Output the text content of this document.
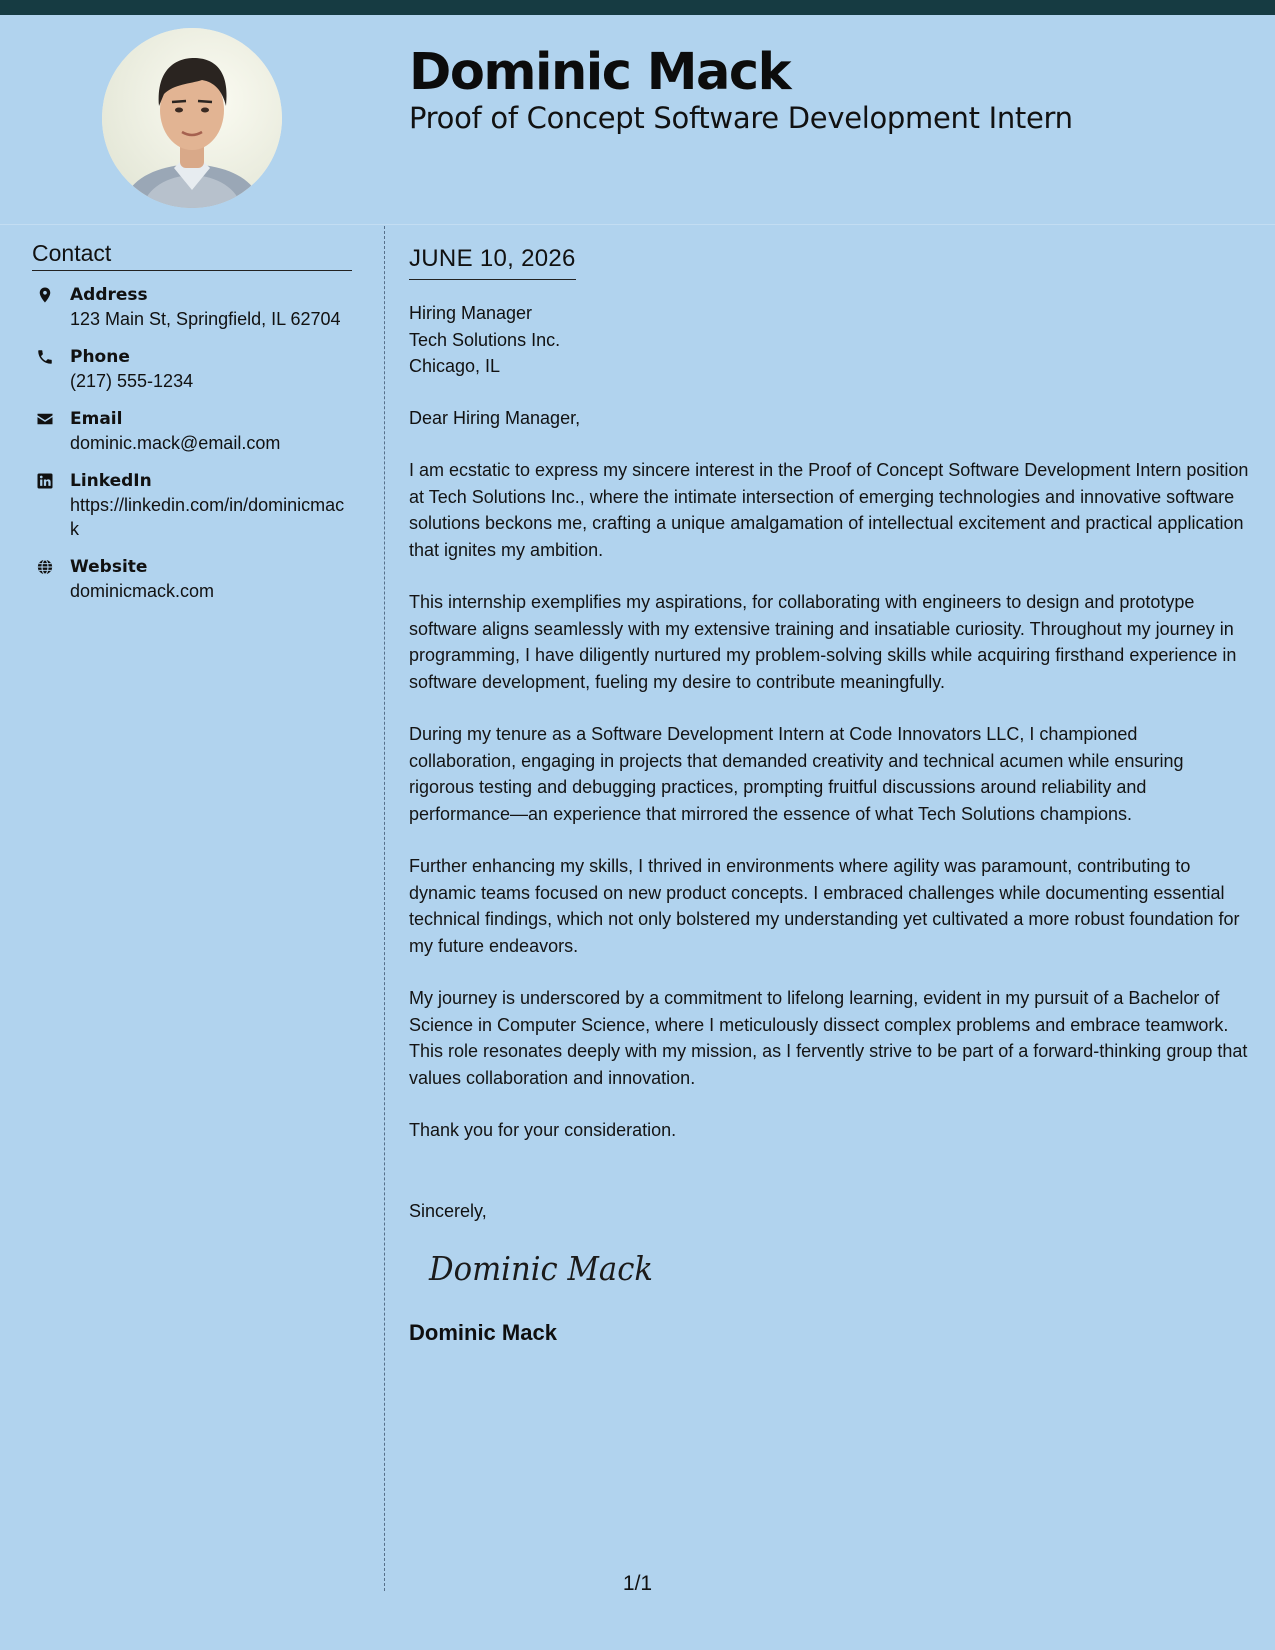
Dominic Mack
Proof of Concept Software Development Intern
Contact
Address
123 Main St, Springfield, IL 62704
Phone
(217) 555-1234
Email
dominic.mack@email.com
LinkedIn
https://linkedin.com/in/dominicmack
Website
dominicmack.com
JUNE 10, 2026
Hiring Manager
Tech Solutions Inc.
Chicago, IL
Dear Hiring Manager,

I am ecstatic to express my sincere interest in the Proof of Concept Software Development Intern position at Tech Solutions Inc., where the intimate intersection of emerging technologies and innovative software solutions beckons me, crafting a unique amalgamation of intellectual excitement and practical application that ignites my ambition.

This internship exemplifies my aspirations, for collaborating with engineers to design and prototype software aligns seamlessly with my extensive training and insatiable curiosity. Throughout my journey in programming, I have diligently nurtured my problem-solving skills while acquiring firsthand experience in software development, fueling my desire to contribute meaningfully.

During my tenure as a Software Development Intern at Code Innovators LLC, I championed collaboration, engaging in projects that demanded creativity and technical acumen while ensuring rigorous testing and debugging practices, prompting fruitful discussions around reliability and performance—an experience that mirrored the essence of what Tech Solutions champions.

Further enhancing my skills, I thrived in environments where agility was paramount, contributing to dynamic teams focused on new product concepts. I embraced challenges while documenting essential technical findings, which not only bolstered my understanding yet cultivated a more robust foundation for my future endeavors.

My journey is underscored by a commitment to lifelong learning, evident in my pursuit of a Bachelor of Science in Computer Science, where I meticulously dissect complex problems and embrace teamwork. This role resonates deeply with my mission, as I fervently strive to be part of a forward-thinking group that values collaboration and innovation.

Thank you for your consideration.

Sincerely,
Dominic Mack
Dominic Mack
1/1
